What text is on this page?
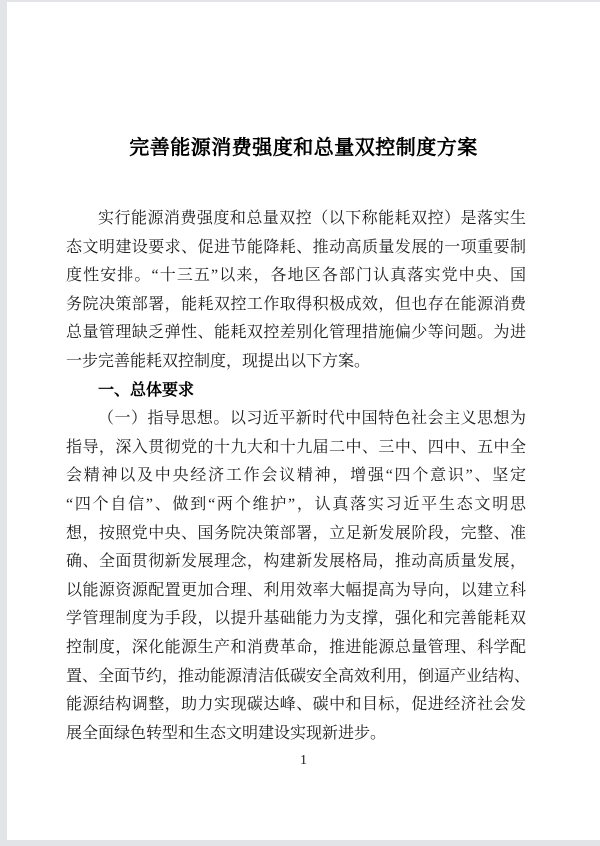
完善能源消费强度和总量双控制度方案
实行能源消费强度和总量双控（以下称能耗双控）是落实生
态文明建设要求、促进节能降耗、推动高质量发展的一项重要制
度性安排。“十三五”以来，各地区各部门认真落实党中央、国
务院决策部署，能耗双控工作取得积极成效，但也存在能源消费
总量管理缺乏弹性、能耗双控差别化管理措施偏少等问题。为进
一步完善能耗双控制度，现提出以下方案。
一、总体要求
（一）指导思想。以习近平新时代中国特色社会主义思想为
指导，深入贯彻党的十九大和十九届二中、三中、四中、五中全
会精神以及中央经济工作会议精神，增强“四个意识”、坚定
“四个自信”、做到“两个维护”，认真落实习近平生态文明思
想，按照党中央、国务院决策部署，立足新发展阶段，完整、准
确、全面贯彻新发展理念，构建新发展格局，推动高质量发展，
以能源资源配置更加合理、利用效率大幅提高为导向，以建立科
学管理制度为手段，以提升基础能力为支撑，强化和完善能耗双
控制度，深化能源生产和消费革命，推进能源总量管理、科学配
置、全面节约，推动能源清洁低碳安全高效利用，倒逼产业结构、
能源结构调整，助力实现碳达峰、碳中和目标，促进经济社会发
展全面绿色转型和生态文明建设实现新进步。
1
